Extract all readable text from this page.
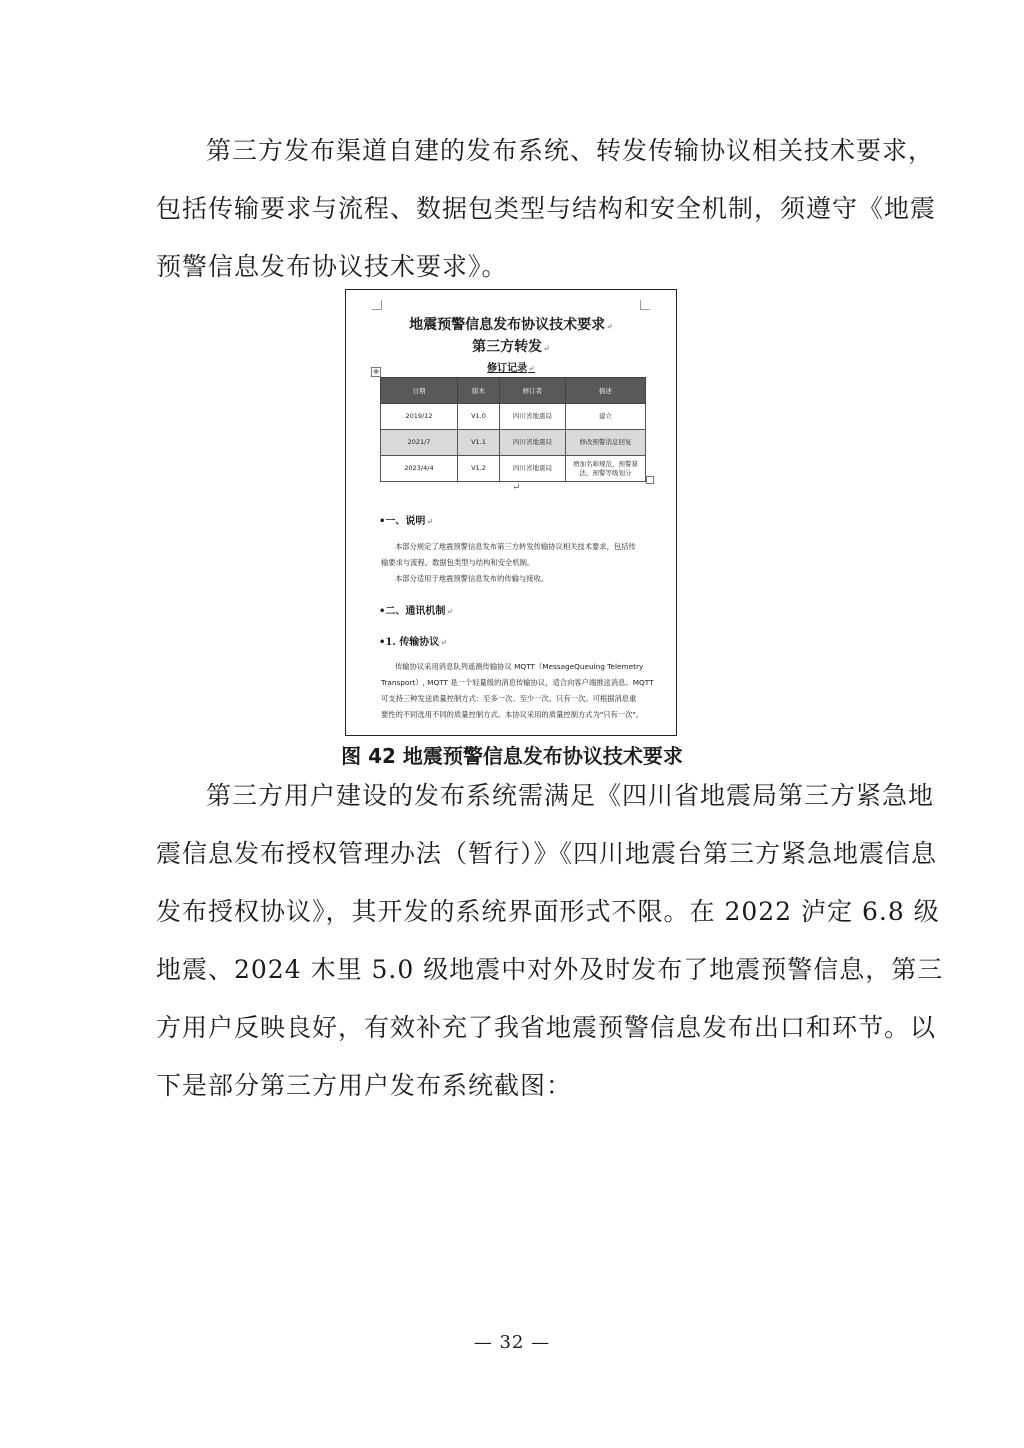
第三方发布渠道自建的发布系统、转发传输协议相关技术要求，
包括传输要求与流程、数据包类型与结构和安全机制，须遵守《地震
预警信息发布协议技术要求》。
地震预警信息发布协议技术要求↵
第三方转发↵
修订记录↵
✥
日期	版本	修订者	描述
2019/12	V1.0	四川省地震局	建立
2021/7	V1.1	四川省地震局	修改预警消息回复
2023/4/4	V1.2	四川省地震局	增加名称规范，预警算法，预警等级划分
↵
•一、说明↵
本部分规定了地震预警信息发布第三方转发传输协议相关技术要求，包括传
输要求与流程、数据包类型与结构和安全机制。
本部分适用于地震预警信息发布的传输与接收。
•二、通讯机制↵
•1. 传输协议↵
传输协议采用消息队列遥测传输协议 MQTT（MessageQueuing Telemetry
Transport）, MQTT 是一个轻量级的消息传输协议，适合向客户端推送消息。MQTT
可支持三种发送质量控制方式：至多一次、至少一次、只有一次。可根据消息重
要性的不同选用不同的质量控制方式。本协议采用的质量控制方式为"只有一次"。
图 42 地震预警信息发布协议技术要求
第三方用户建设的发布系统需满足《四川省地震局第三方紧急地
震信息发布授权管理办法（暂行）》《四川地震台第三方紧急地震信息
发布授权协议》，其开发的系统界面形式不限。在 2022 泸定 6.8 级
地震、2024 木里 5.0 级地震中对外及时发布了地震预警信息，第三
方用户反映良好，有效补充了我省地震预警信息发布出口和环节。以
下是部分第三方用户发布系统截图：
— 32 —
